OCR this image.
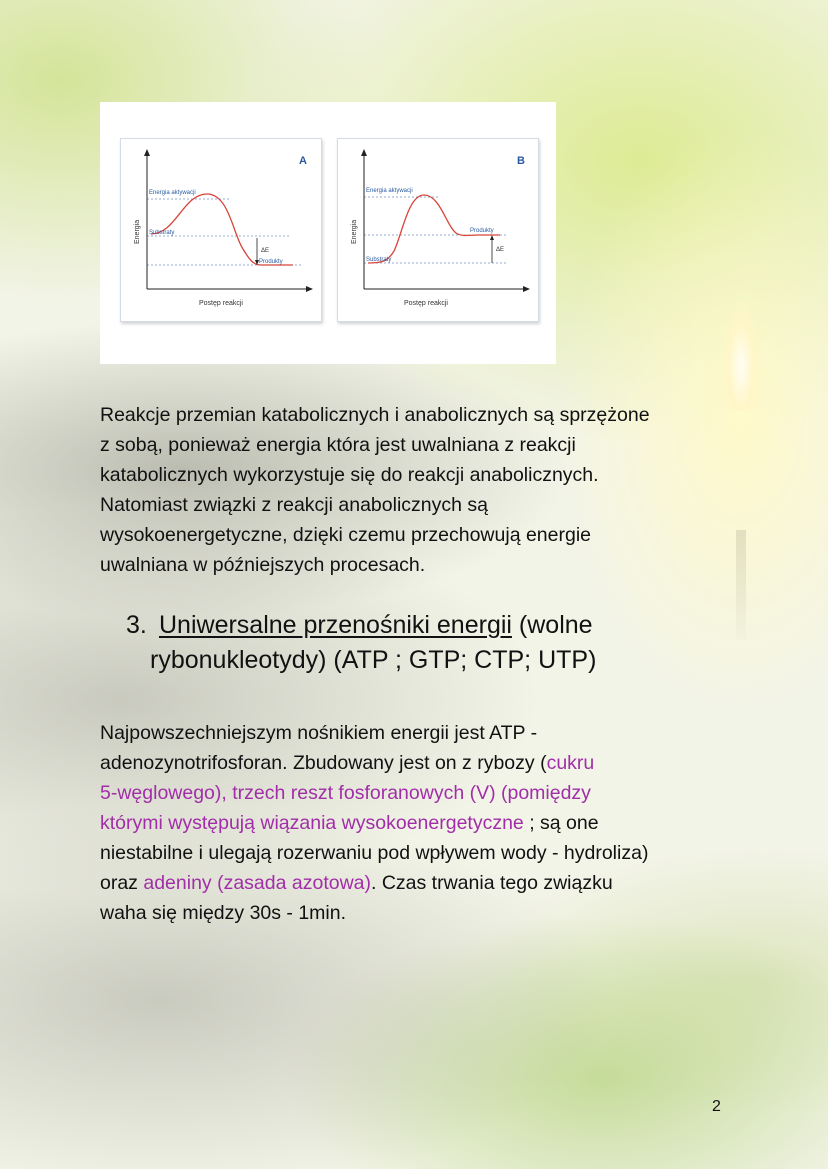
A
Energia
Postęp reakcji
Energia aktywacji
Substraty
ΔE
Produkty
B
Energia
Postęp reakcji
Energia aktywacji
Substraty
ΔE
Produkty
Reakcje przemian katabolicznych i anabolicznych są sprzężone
z sobą, ponieważ energia która jest uwalniana z reakcji
katabolicznych wykorzystuje się do reakcji anabolicznych.
Natomiast związki z reakcji anabolicznych są
wysokoenergetyczne, dzięki czemu przechowują energie
uwalniana w późniejszych procesach.
3. Uniwersalne przenośniki energii (wolne
rybonukleotydy) (ATP ; GTP; CTP; UTP)
Najpowszechniejszym nośnikiem energii jest ATP -
adenozynotrifosforan. Zbudowany jest on z rybozy (cukru
5-węglowego), trzech reszt fosforanowych (V) (pomiędzy
którymi występują wiązania wysokoenergetyczne ; są one
niestabilne i ulegają rozerwaniu pod wpływem wody - hydroliza)
oraz adeniny (zasada azotowa). Czas trwania tego związku
waha się między 30s - 1min.
2
